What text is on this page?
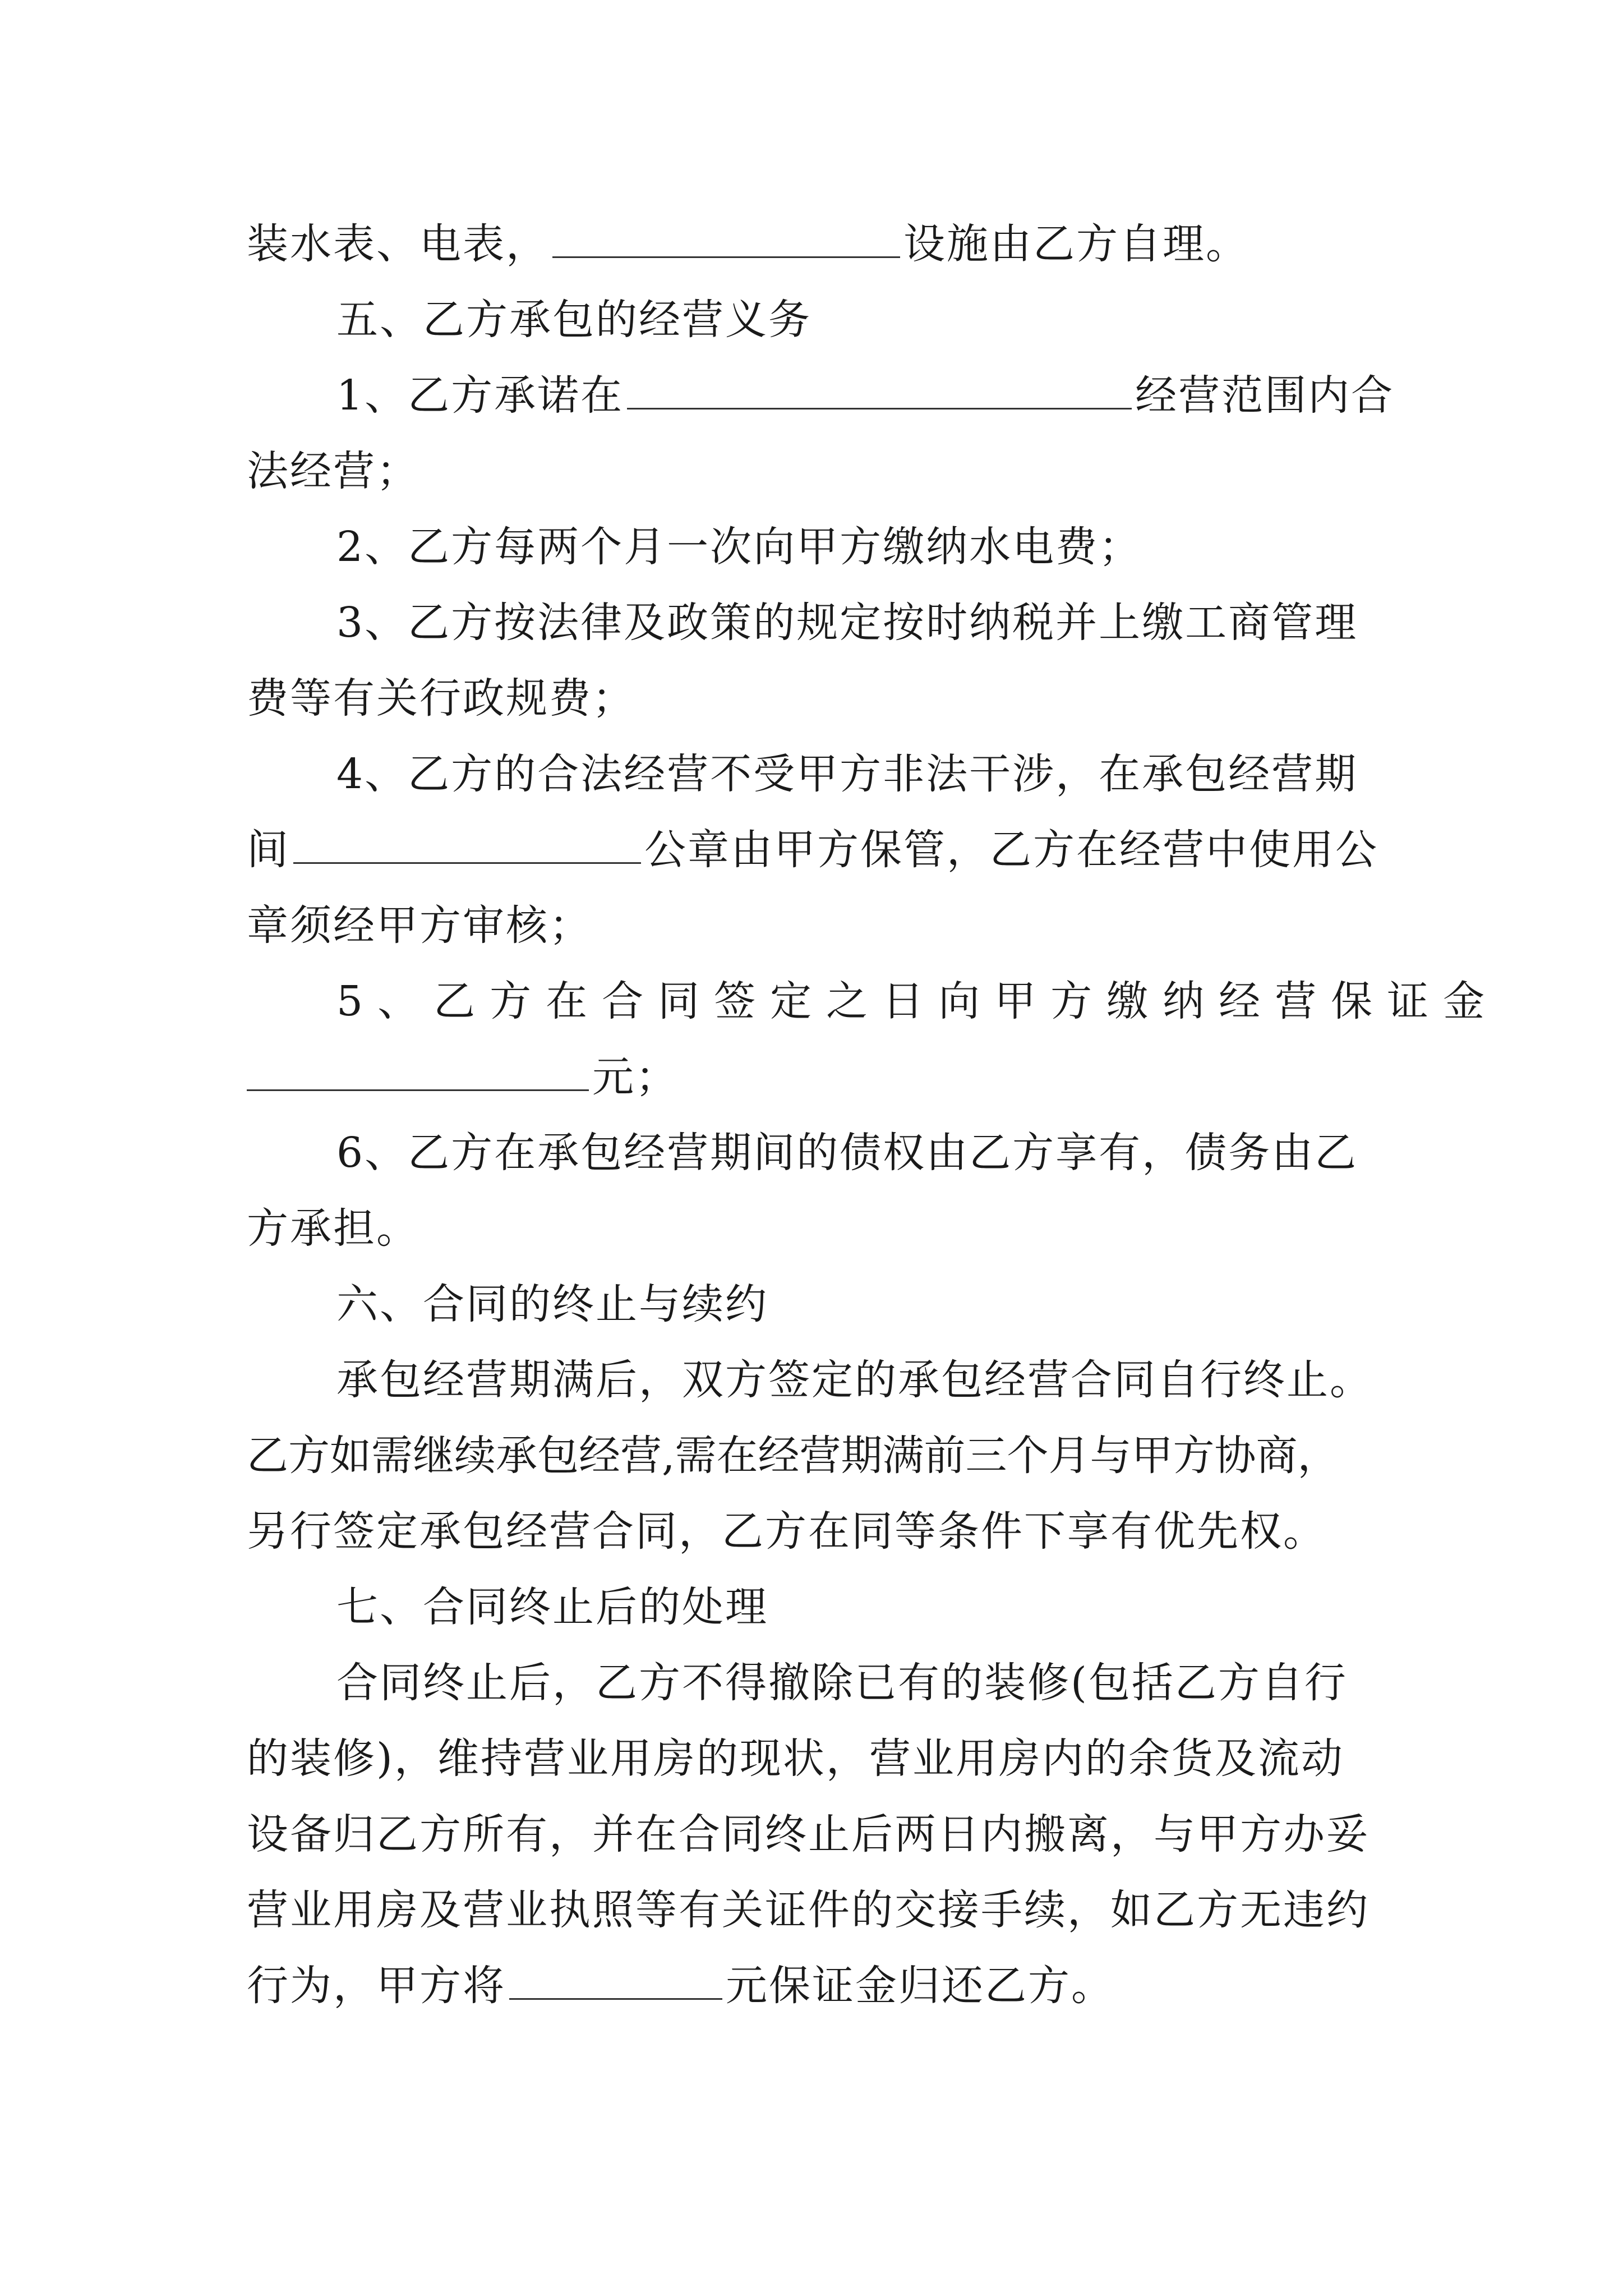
装水表、电表，	设施由乙方自理。
五、乙方承包的经营义务
1、乙方承诺在	经营范围内合
法经营；
2、乙方每两个月一次向甲方缴纳水电费；
3、乙方按法律及政策的规定按时纳税并上缴工商管理
费等有关行政规费；
4、乙方的合法经营不受甲方非法干涉，在承包经营期
间	公章由甲方保管，乙方在经营中使用公
章须经甲方审核；
5、乙方在合同签定之日向甲方缴纳经营保证金
元；
6、乙方在承包经营期间的债权由乙方享有，债务由乙
方承担。
六、合同的终止与续约
承包经营期满后，双方签定的承包经营合同自行终止。
乙方如需继续承包经营,需在经营期满前三个月与甲方协商，
另行签定承包经营合同，乙方在同等条件下享有优先权。
七、合同终止后的处理
合同终止后，乙方不得撤除已有的装修(包括乙方自行
的装修)，维持营业用房的现状，营业用房内的余货及流动
设备归乙方所有，并在合同终止后两日内搬离，与甲方办妥
营业用房及营业执照等有关证件的交接手续，如乙方无违约
行为，甲方将	元保证金归还乙方。
